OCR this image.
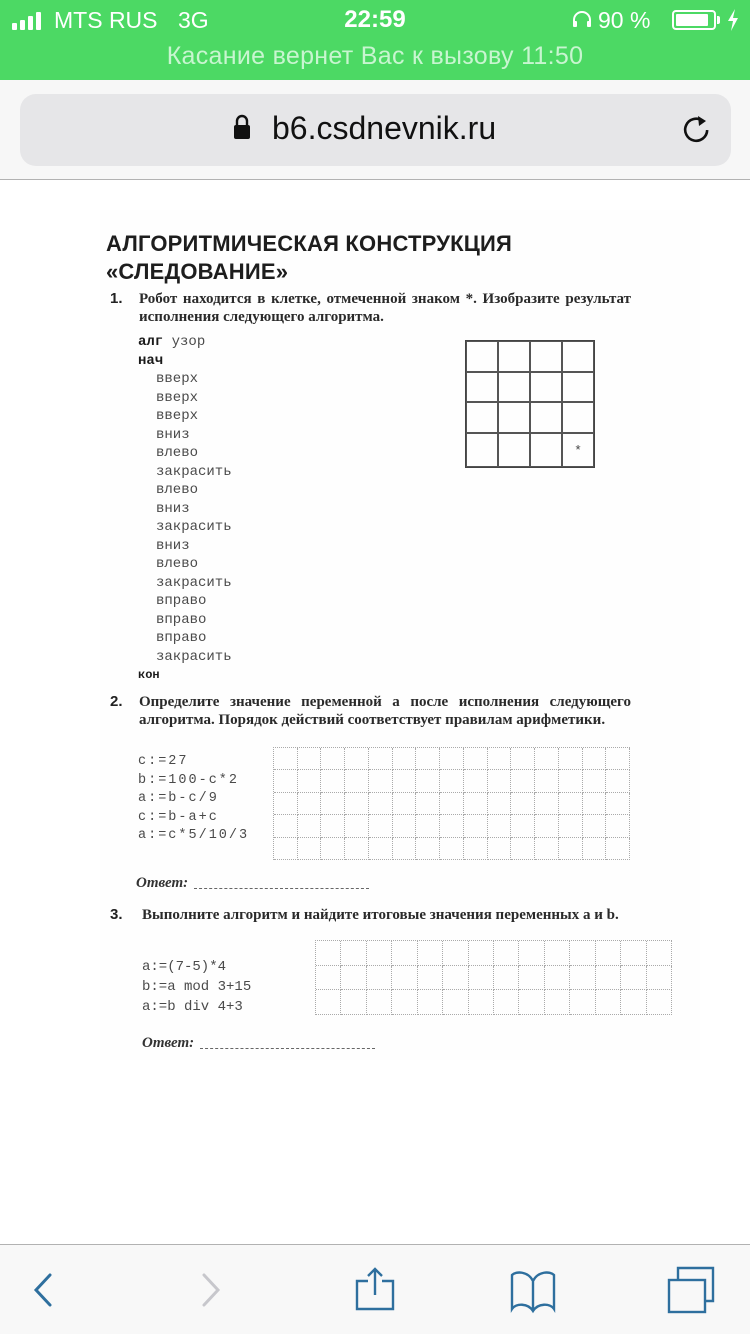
MTS RUS 3G	22:59	90 %
Касание вернет Вас к вызову 11:50
b6.csdnevnik.ru
АЛГОРИТМИЧЕСКАЯ КОНСТРУКЦИЯ
«СЛЕДОВАНИЕ»
1. Робот находится в клетке, отмеченной знаком *. Изобразите результат исполнения следующего алгоритма.
алг узор
нач
вверх
вверх
вверх
вниз
влево
закрасить
влево
вниз
закрасить
вниз
влево
закрасить
вправо
вправо
вправо
закрасить
кон
*
2. Определите значение переменной а после исполнения следующего алгоритма. Порядок действий соответствует правилам арифметики.
c:=27
b:=100-c*2
a:=b-c/9
c:=b-a+c
a:=c*5/10/3
Ответ:
3. Выполните алгоритм и найдите итоговые значения переменных a и b.
a:=(7-5)*4
b:=a mod 3+15
a:=b div 4+3
Ответ:
